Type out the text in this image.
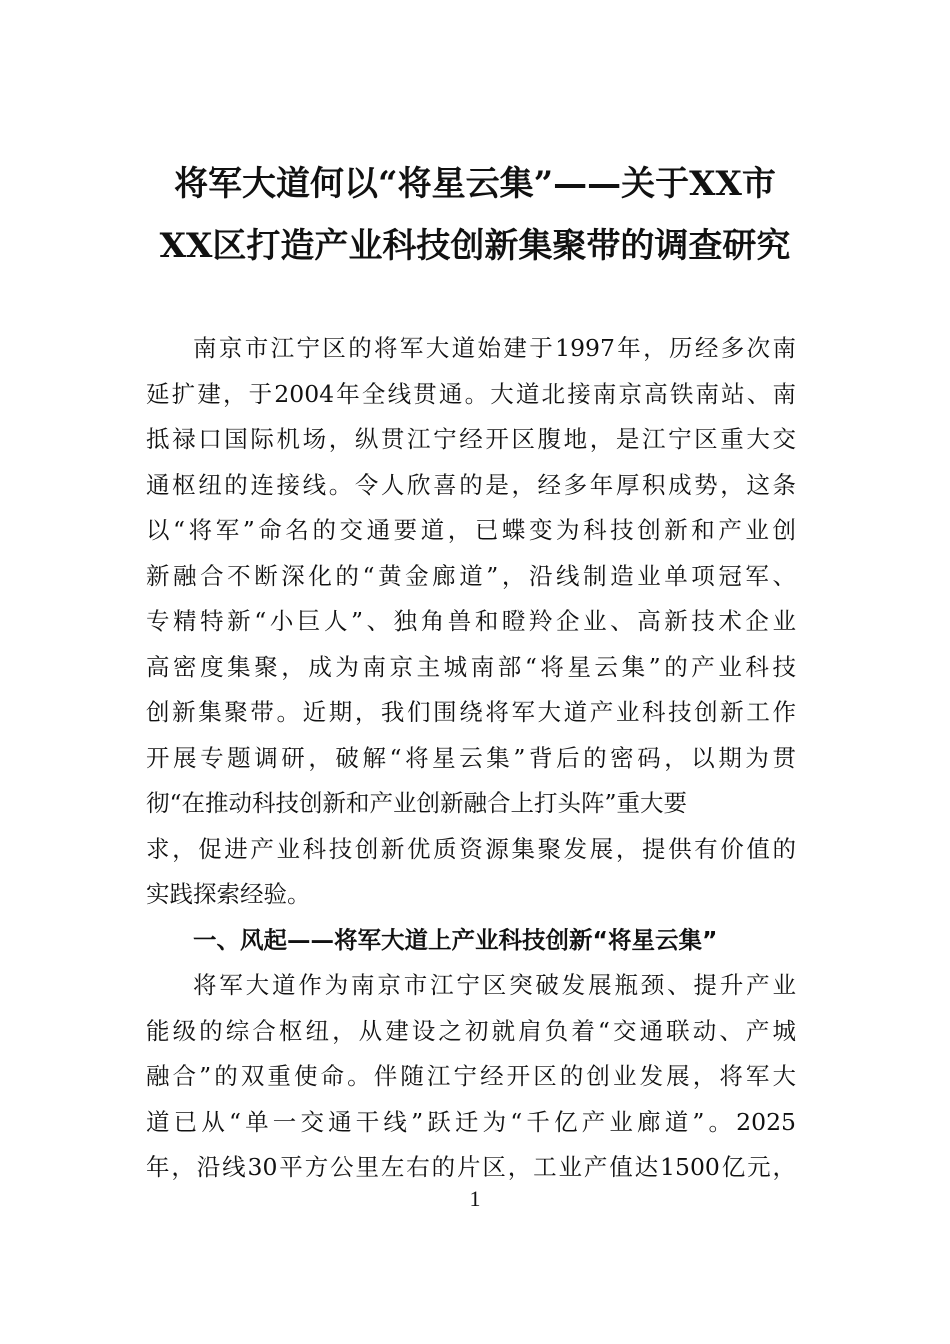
将军大道何以“将星云集”——关于XX市
XX区打造产业科技创新集聚带的调查研究
南京市江宁区的将军大道始建于1997年，历经多次南
延扩建，于2004年全线贯通。大道北接南京高铁南站、南
抵禄口国际机场，纵贯江宁经开区腹地，是江宁区重大交
通枢纽的连接线。令人欣喜的是，经多年厚积成势，这条
以“将军”命名的交通要道，已蝶变为科技创新和产业创
新融合不断深化的“黄金廊道”，沿线制造业单项冠军、
专精特新“小巨人”、独角兽和瞪羚企业、高新技术企业
高密度集聚，成为南京主城南部“将星云集”的产业科技
创新集聚带。近期，我们围绕将军大道产业科技创新工作
开展专题调研，破解“将星云集”背后的密码，以期为贯
彻“在推动科技创新和产业创新融合上打头阵”重大要
求，促进产业科技创新优质资源集聚发展，提供有价值的
实践探索经验。
一、风起——将军大道上产业科技创新“将星云集”
将军大道作为南京市江宁区突破发展瓶颈、提升产业
能级的综合枢纽，从建设之初就肩负着“交通联动、产城
融合”的双重使命。伴随江宁经开区的创业发展，将军大
道已从“单一交通干线”跃迁为“千亿产业廊道”。2025
年，沿线30平方公里左右的片区，工业产值达1500亿元，
1
